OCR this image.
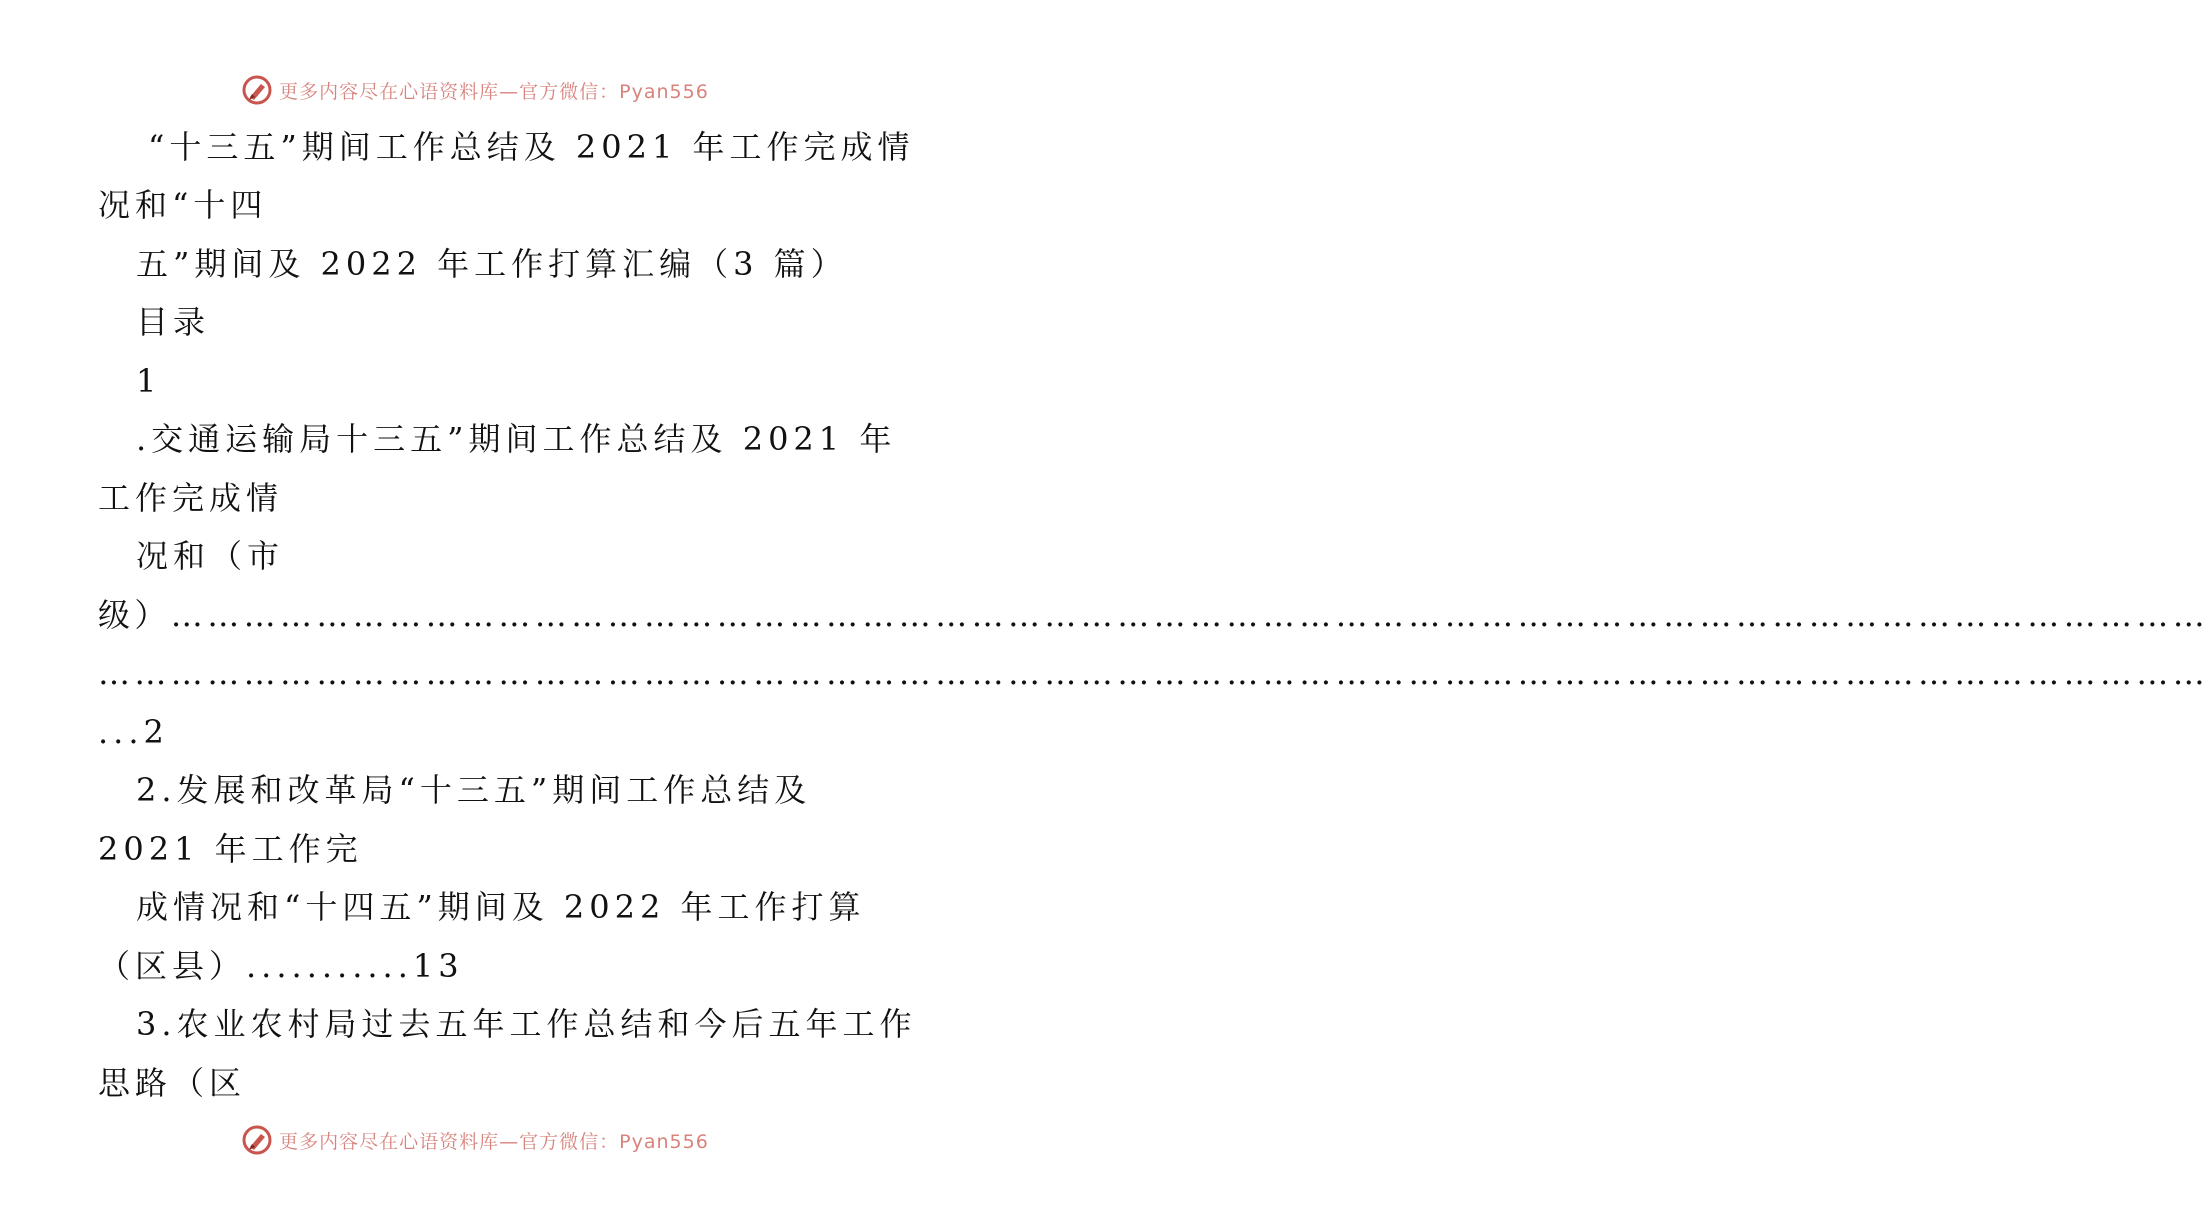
更多内容尽在心语资料库—官方微信：Pyan556
“十三五”期间工作总结及 2021 年工作完成情
况和“十四
五”期间及 2022 年工作打算汇编（3 篇）
目录
1
.交通运输局十三五”期间工作总结及 2021 年
工作完成情
况和（市
级）……………………………………………………………………………………………………………………………………………………
…………………………………………………………………………………………………………………………………………………………
...2
2.发展和改革局“十三五”期间工作总结及
2021 年工作完
成情况和“十四五”期间及 2022 年工作打算
（区县）...........13
3.农业农村局过去五年工作总结和今后五年工作
思路（区
更多内容尽在心语资料库—官方微信：Pyan556
